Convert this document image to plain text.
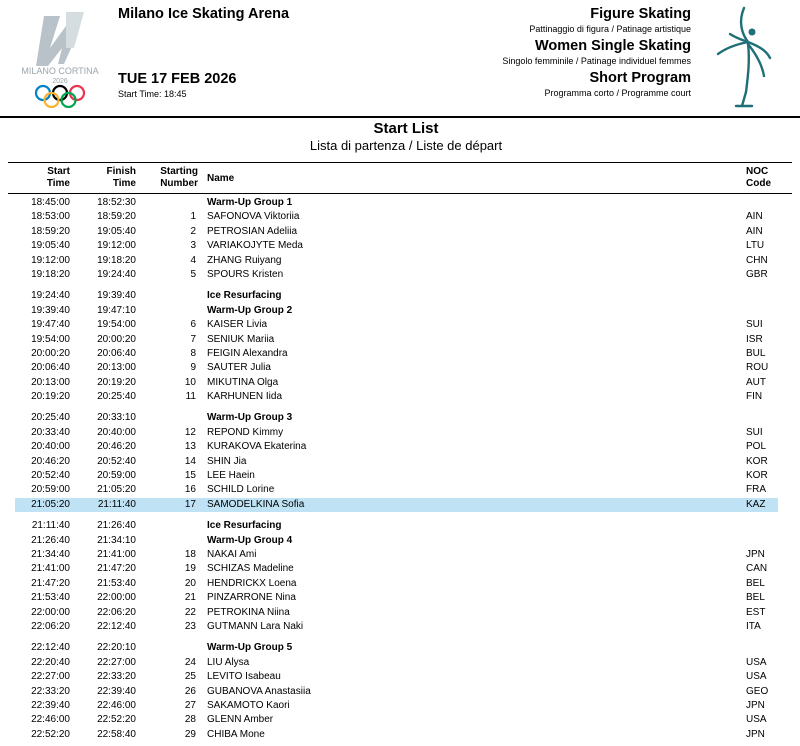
MILANO CORTINA
2026
Milano Ice Skating Arena
TUE 17 FEB 2026
Start Time: 18:45
Figure Skating
Pattinaggio di figura / Patinage artistique
Women Single Skating
Singolo femminile / Patinage individuel femmes
Short Program
Programma corto / Programme court
Start List
Lista di partenza / Liste de départ
Start
Time
Finish
Time
Starting
Number Name
NOC
Code
18:45:00	18:52:30	Warm-Up Group 1
18:53:00	18:59:20	1 SAFONOVA Viktoriia	AIN
18:59:20	19:05:40	2 PETROSIAN Adeliia	AIN
19:05:40	19:12:00	3 VARIAKOJYTE Meda	LTU
19:12:00	19:18:20	4 ZHANG Ruiyang	CHN
19:18:20	19:24:40	5 SPOURS Kristen	GBR
19:24:40	19:39:40	Ice Resurfacing
19:39:40	19:47:10	Warm-Up Group 2
19:47:40	19:54:00	6 KAISER Livia	SUI
19:54:00	20:00:20	7 SENIUK Mariia	ISR
20:00:20	20:06:40	8 FEIGIN Alexandra	BUL
20:06:40	20:13:00	9 SAUTER Julia	ROU
20:13:00	20:19:20	10 MIKUTINA Olga	AUT
20:19:20	20:25:40	11 KARHUNEN Iida	FIN
20:25:40	20:33:10	Warm-Up Group 3
20:33:40	20:40:00	12 REPOND Kimmy	SUI
20:40:00	20:46:20	13 KURAKOVA Ekaterina	POL
20:46:20	20:52:40	14 SHIN Jia	KOR
20:52:40	20:59:00	15 LEE Haein	KOR
20:59:00	21:05:20	16 SCHILD Lorine	FRA
21:05:20	21:11:40	17 SAMODELKINA Sofia	KAZ
21:11:40	21:26:40	Ice Resurfacing
21:26:40	21:34:10	Warm-Up Group 4
21:34:40	21:41:00	18 NAKAI Ami	JPN
21:41:00	21:47:20	19 SCHIZAS Madeline	CAN
21:47:20	21:53:40	20 HENDRICKX Loena	BEL
21:53:40	22:00:00	21 PINZARRONE Nina	BEL
22:00:00	22:06:20	22 PETROKINA Niina	EST
22:06:20	22:12:40	23 GUTMANN Lara Naki	ITA
22:12:40	22:20:10	Warm-Up Group 5
22:20:40	22:27:00	24 LIU Alysa	USA
22:27:00	22:33:20	25 LEVITO Isabeau	USA
22:33:20	22:39:40	26 GUBANOVA Anastasiia	GEO
22:39:40	22:46:00	27 SAKAMOTO Kaori	JPN
22:46:00	22:52:20	28 GLENN Amber	USA
22:52:20	22:58:40	29 CHIBA Mone	JPN
